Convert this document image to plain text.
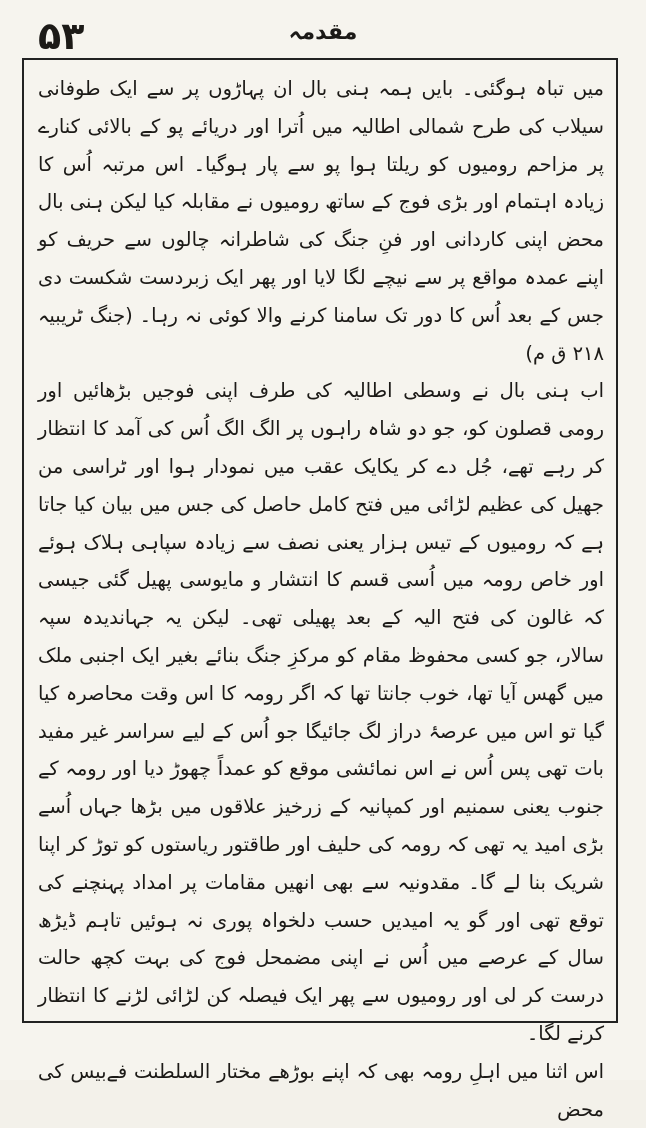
۵۳	مقدمہ

میں تباہ ہوگئی۔ بایں ہمہ ہنی بال ان پہاڑوں پر سے ایک طوفانی سیلاب کی طرح شمالی اطالیہ میں اُترا اور دریائے پو کے بالائی کنارے پر مزاحم رومیوں کو ریلتا ہوا پو سے پار ہوگیا۔ اس مرتبہ اُس کا زیادہ اہتمام اور بڑی فوج کے ساتھ رومیوں نے مقابلہ کیا لیکن ہنی بال محض اپنی کاردانی اور فنِ جنگ کی شاطرانہ چالوں سے حریف کو اپنے عمدہ مواقع پر سے نیچے لگا لایا اور پھر ایک زبردست شکست دی جس کے بعد اُس کا دور تک سامنا کرنے والا کوئی نہ رہا۔ (جنگ ٹریبیہ ۲۱۸ ق م)

اب ہنی بال نے وسطی اطالیہ کی طرف اپنی فوجیں بڑھائیں اور رومی قصلون کو، جو دو شاہ راہوں پر الگ الگ اُس کی آمد کا انتظار کر رہے تھے، جُل دے کر یکایک عقب میں نمودار ہوا اور ٹراسی من جھیل کی عظیم لڑائی میں فتح کامل حاصل کی جس میں بیان کیا جاتا ہے کہ رومیوں کے تیس ہزار یعنی نصف سے زیادہ سپاہی ہلاک ہوئے اور خاص رومہ میں اُسی قسم کا انتشار و مایوسی پھیل گئی جیسی کہ غالون کی فتح الیہ کے بعد پھیلی تھی۔ لیکن یہ جہاندیدہ سپہ سالار، جو کسی محفوظ مقام کو مرکزِ جنگ بنائے بغیر ایک اجنبی ملک میں گھس آیا تھا، خوب جانتا تھا کہ اگر رومہ کا اس وقت محاصرہ کیا گیا تو اس میں عرصۂ دراز لگ جائیگا جو اُس کے لیے سراسر غیر مفید بات تھی پس اُس نے اس نمائشی موقع کو عمداً چھوڑ دیا اور رومہ کے جنوب یعنی سمنیم اور کمپانیہ کے زرخیز علاقوں میں بڑھا جہاں اُسے بڑی امید یہ تھی کہ رومہ کی حلیف اور طاقتور ریاستوں کو توڑ کر اپنا شریک بنا لے گا۔ مقدونیہ سے بھی انھیں مقامات پر امداد پہنچنے کی توقع تھی اور گو یہ امیدیں حسب دلخواہ پوری نہ ہوئیں تاہم ڈیڑھ سال کے عرصے میں اُس نے اپنی مضمحل فوج کی بہت کچھ حالت درست کر لی اور رومیوں سے پھر ایک فیصلہ کن لڑائی لڑنے کا انتظار کرنے لگا۔

اس اثنا میں اہلِ رومہ بھی کہ اپنے بوڑھے مختار السلطنت فےبیس کی محض
